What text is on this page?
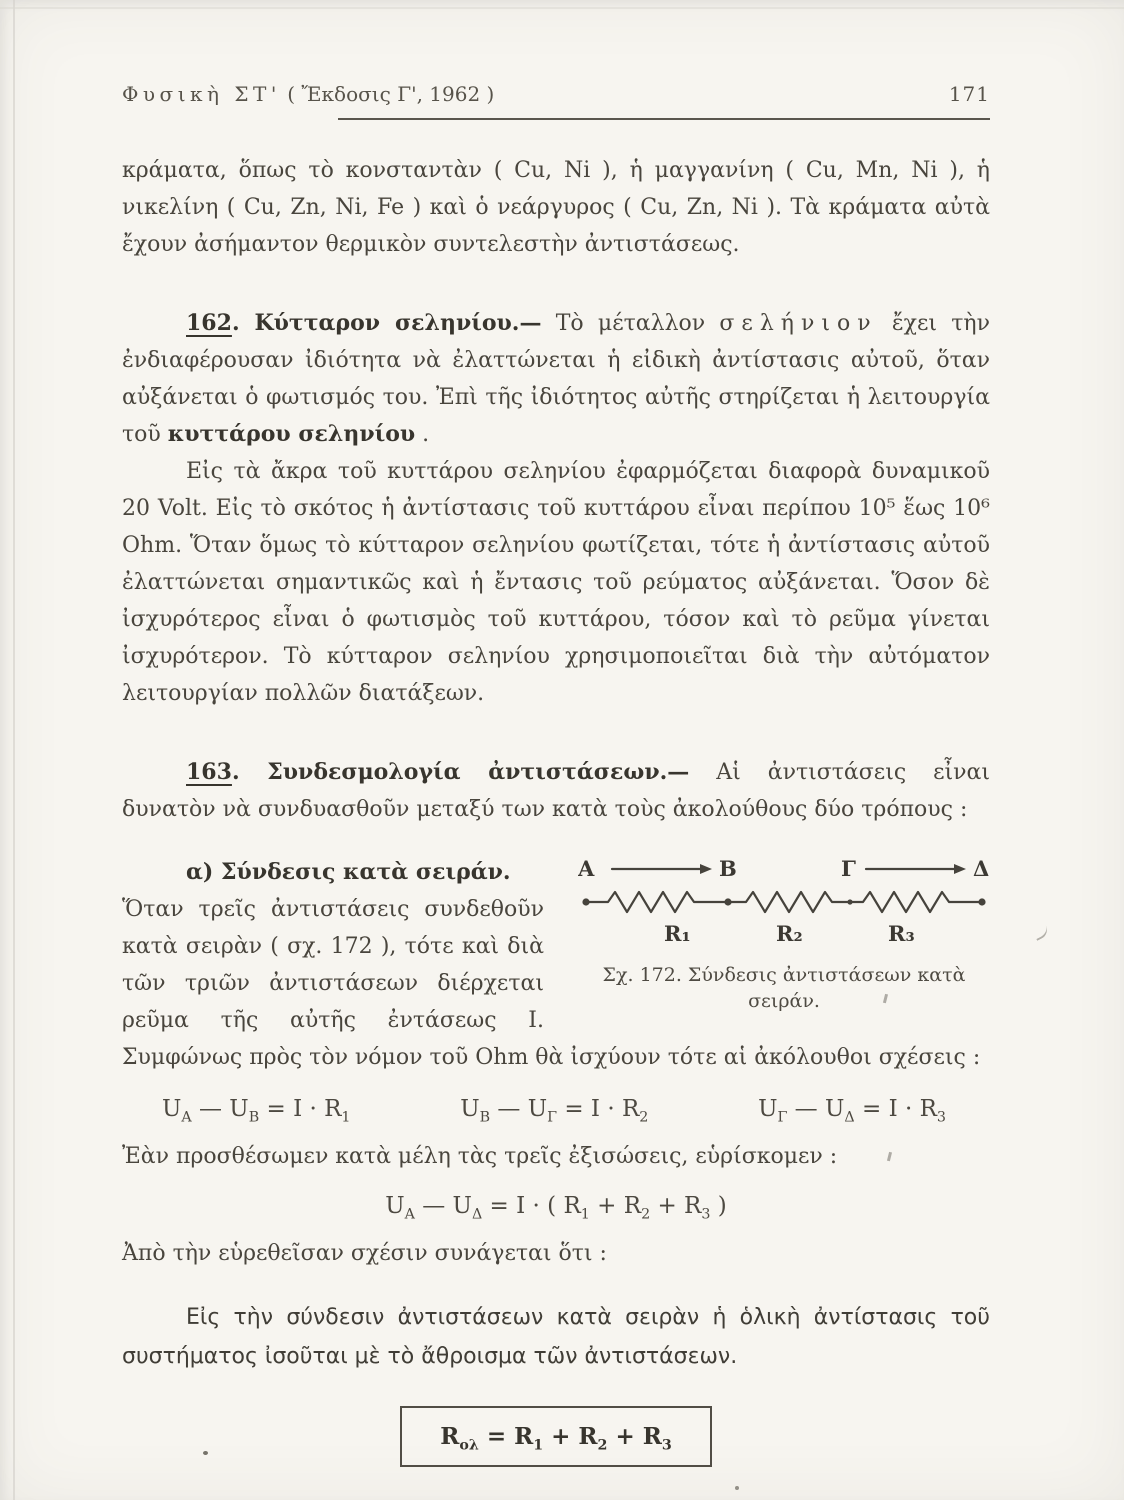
Φυσικὴ ΣΤ' ( Ἔκδοσις Γ', 1962 )	171

κράματα, ὅπως τὸ κονσταντὰν ( Cu, Ni ), ἡ μαγγανίνη ( Cu, Mn, Ni ), ἡ νικελίνη ( Cu, Zn, Ni, Fe ) καὶ ὁ νεάργυρος ( Cu, Zn, Ni ). Τὰ κράματα αὐτὰ ἔχουν ἀσήμαντον θερμικὸν συντελεστὴν ἀντιστάσεως.

162. Κύτταρον σεληνίου.— Τὸ μέταλλον σελήνιον ἔχει τὴν ἐνδιαφέρουσαν ἰδιότητα νὰ ἐλαττώνεται ἡ εἰδικὴ ἀντίστασις αὐτοῦ, ὅταν αὐξάνεται ὁ φωτισμός του. Ἐπὶ τῆς ἰδιότητος αὐτῆς στηρίζεται ἡ λειτουργία τοῦ κυττάρου σεληνίου .

Εἰς τὰ ἄκρα τοῦ κυττάρου σεληνίου ἐφαρμόζεται διαφορὰ δυναμικοῦ 20 Volt. Εἰς τὸ σκότος ἡ ἀντίστασις τοῦ κυττάρου εἶναι περίπου 10⁵ ἕως 10⁶ Ohm. Ὅταν ὅμως τὸ κύτταρον σεληνίου φωτίζεται, τότε ἡ ἀντίστασις αὐτοῦ ἐλαττώνεται σημαντικῶς καὶ ἡ ἔντασις τοῦ ρεύματος αὐξάνεται. Ὅσον δὲ ἰσχυρότερος εἶναι ὁ φωτισμὸς τοῦ κυττάρου, τόσον καὶ τὸ ρεῦμα γίνεται ἰσχυρότερον. Τὸ κύτταρον σεληνίου χρησιμοποιεῖται διὰ τὴν αὐτόματον λειτουργίαν πολλῶν διατάξεων.

163. Συνδεσμολογία ἀντιστάσεων.— Αἱ ἀντιστάσεις εἶναι δυνατὸν νὰ συνδυασθοῦν μεταξύ των κατὰ τοὺς ἀκολούθους δύο τρόπους :

A	B	Γ	Δ
R₁	R₂	R₃
Σχ. 172. Σύνδεσις ἀντιστάσεων κατὰ σειράν.

α) Σύνδεσις κατὰ σειράν.

Ὅταν τρεῖς ἀντιστάσεις συνδεθοῦν κατὰ σειρὰν ( σχ. 172 ), τότε καὶ διὰ τῶν τριῶν ἀντιστάσεων διέρχεται ρεῦμα τῆς αὐτῆς ἐντάσεως Ι. Συμφώνως πρὸς τὸν νόμον τοῦ Ohm θὰ ἰσχύουν τότε αἱ ἀκόλουθοι σχέσεις :

$U_A$ — $U_B = I \cdot R_1$	$U_B$ — $U_\Gamma = I \cdot R_2$	$U_\Gamma$ — $U_\Delta = I \cdot R_3$

Ἐὰν προσθέσωμεν κατὰ μέλη τὰς τρεῖς ἐξισώσεις, εὑρίσκομεν :

$U_A$ — $U_\Delta = I$ · ( $R_1 + R_2 + R_3$ )

Ἀπὸ τὴν εὑρεθεῖσαν σχέσιν συνάγεται ὅτι :

Εἰς τὴν σύνδεσιν ἀντιστάσεων κατὰ σειρὰν ἡ ὁλικὴ ἀντίστασις τοῦ συστήματος ἰσοῦται μὲ τὸ ἄθροισμα τῶν ἀντιστάσεων.

$R_{o\lambda} = R_1 + R_2 + R_3$
